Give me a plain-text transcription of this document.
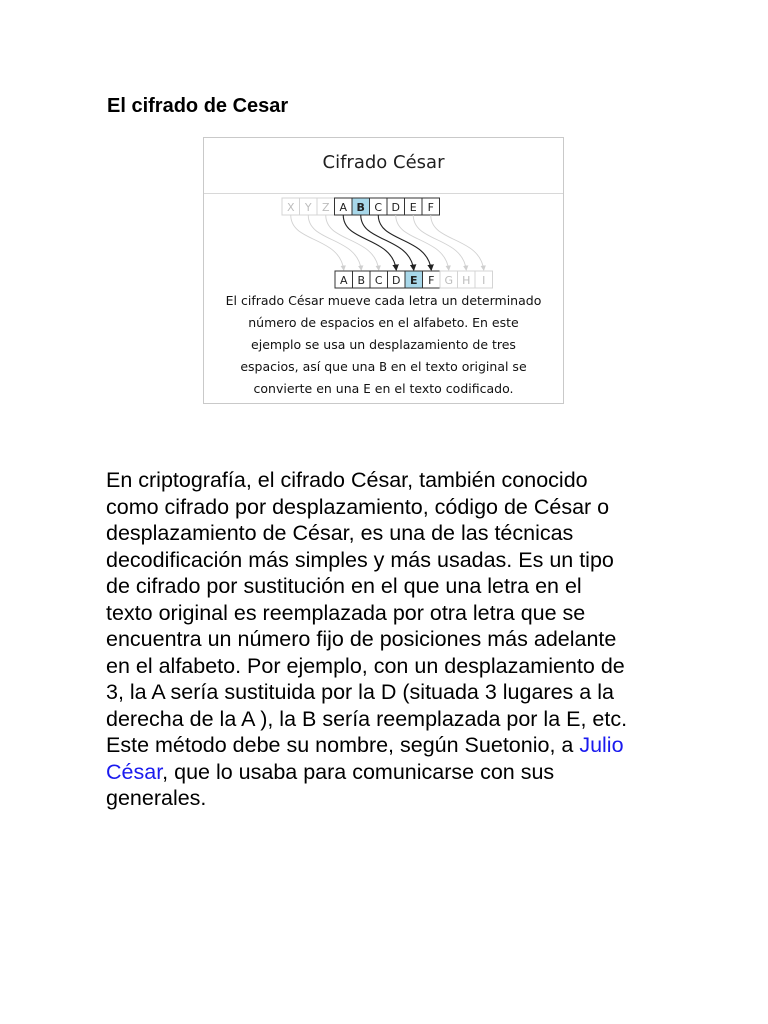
El cifrado de Cesar
Cifrado César
X Y Z A B C D E F
A B C D E F G H I
El cifrado César mueve cada letra un determinado
número de espacios en el alfabeto. En este
ejemplo se usa un desplazamiento de tres
espacios, así que una B en el texto original se
convierte en una E en el texto codificado.
En criptografía, el cifrado César, también conocido
como cifrado por desplazamiento, código de César o
desplazamiento de César, es una de las técnicas
decodificación más simples y más usadas. Es un tipo
de cifrado por sustitución en el que una letra en el
texto original es reemplazada por otra letra que se
encuentra un número fijo de posiciones más adelante
en el alfabeto. Por ejemplo, con un desplazamiento de
3, la A sería sustituida por la D (situada 3 lugares a la
derecha de la A ), la B sería reemplazada por la E, etc.
Este método debe su nombre, según Suetonio, a Julio
César, que lo usaba para comunicarse con sus
generales.
